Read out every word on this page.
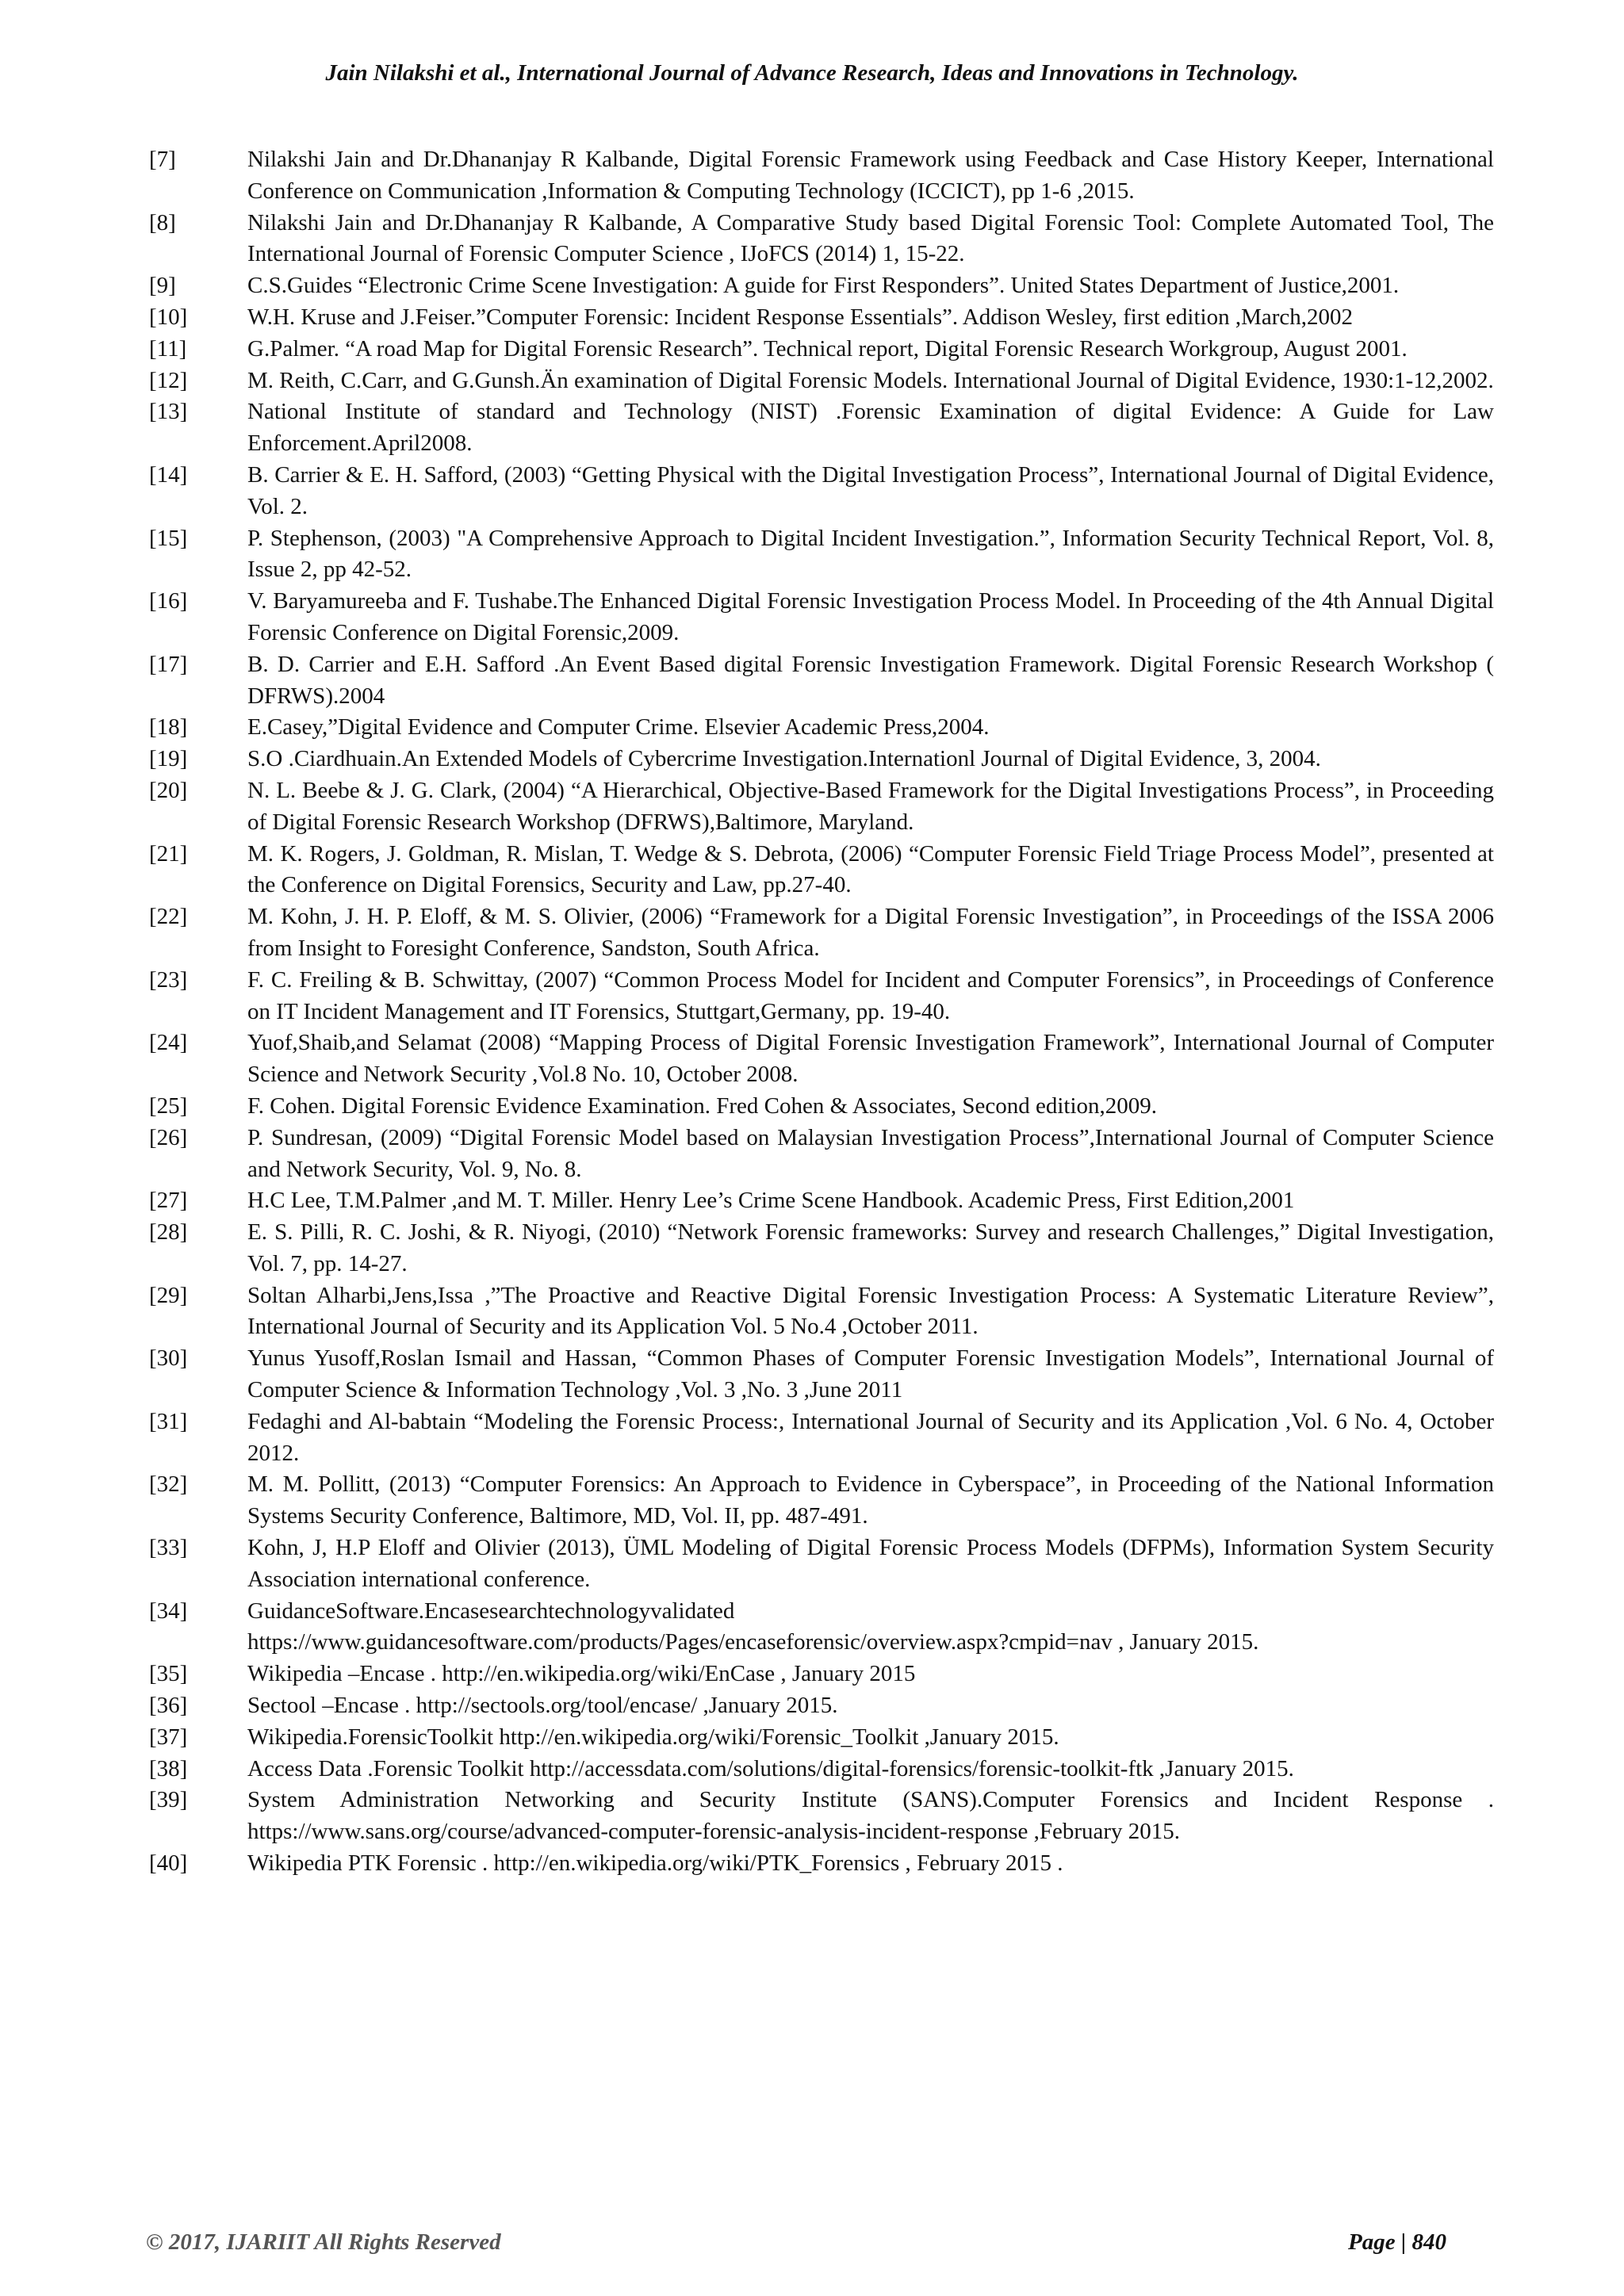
Jain Nilakshi et al., International Journal of Advance Research, Ideas and Innovations in Technology.
[7]	Nilakshi Jain and Dr.Dhananjay R Kalbande, Digital Forensic Framework using Feedback and Case History Keeper, International Conference on Communication ,Information & Computing Technology (ICCICT), pp 1-6 ,2015.
[8]	Nilakshi Jain and Dr.Dhananjay R Kalbande, A Comparative Study based Digital Forensic Tool: Complete Automated Tool, The International Journal of Forensic Computer Science , IJoFCS (2014) 1, 15-22.
[9]	C.S.Guides “Electronic Crime Scene Investigation: A guide for First Responders”. United States Department of Justice,2001.
[10]	W.H. Kruse and J.Feiser.”Computer Forensic: Incident Response Essentials”. Addison Wesley, first edition ,March,2002
[11]	G.Palmer. “A road Map for Digital Forensic Research”. Technical report, Digital Forensic Research Workgroup, August 2001.
[12]	M. Reith, C.Carr, and G.Gunsh.Än examination of Digital Forensic Models. International Journal of Digital Evidence, 1930:1-12,2002.
[13]	National Institute of standard and Technology (NIST) .Forensic Examination of digital Evidence: A Guide for Law Enforcement.April2008.
[14]	B. Carrier & E. H. Safford, (2003) “Getting Physical with the Digital Investigation Process”, International Journal of Digital Evidence, Vol. 2.
[15]	P. Stephenson, (2003) "A Comprehensive Approach to Digital Incident Investigation.”, Information Security Technical Report, Vol. 8, Issue 2, pp 42-52.
[16]	V. Baryamureeba and F. Tushabe.The Enhanced Digital Forensic Investigation Process Model. In Proceeding of the 4th Annual Digital Forensic Conference on Digital Forensic,2009.
[17]	B. D. Carrier and E.H. Safford .An Event Based digital Forensic Investigation Framework. Digital Forensic Research Workshop ( DFRWS).2004
[18]	E.Casey,”Digital Evidence and Computer Crime. Elsevier Academic Press,2004.
[19]	S.O .Ciardhuain.An Extended Models of Cybercrime Investigation.Internationl Journal of Digital Evidence, 3, 2004.
[20]	N. L. Beebe & J. G. Clark, (2004) “A Hierarchical, Objective-Based Framework for the Digital Investigations Process”, in Proceeding of Digital Forensic Research Workshop (DFRWS),Baltimore, Maryland.
[21]	M. K. Rogers, J. Goldman, R. Mislan, T. Wedge & S. Debrota, (2006) “Computer Forensic Field Triage Process Model”, presented at the Conference on Digital Forensics, Security and Law, pp.27-40.
[22]	M. Kohn, J. H. P. Eloff, & M. S. Olivier, (2006) “Framework for a Digital Forensic Investigation”, in Proceedings of the ISSA 2006 from Insight to Foresight Conference, Sandston, South Africa.
[23]	F. C. Freiling & B. Schwittay, (2007) “Common Process Model for Incident and Computer Forensics”, in Proceedings of Conference on IT Incident Management and IT Forensics, Stuttgart,Germany, pp. 19-40.
[24]	Yuof,Shaib,and Selamat (2008) “Mapping Process of Digital Forensic Investigation Framework”, International Journal of Computer Science and Network Security ,Vol.8 No. 10, October 2008.
[25]	F. Cohen. Digital Forensic Evidence Examination. Fred Cohen & Associates, Second edition,2009.
[26]	P. Sundresan, (2009) “Digital Forensic Model based on Malaysian Investigation Process”,International Journal of Computer Science and Network Security, Vol. 9, No. 8.
[27]	H.C Lee, T.M.Palmer ,and M. T. Miller. Henry Lee’s Crime Scene Handbook. Academic Press, First Edition,2001
[28]	E. S. Pilli, R. C. Joshi, & R. Niyogi, (2010) “Network Forensic frameworks: Survey and research Challenges,” Digital Investigation, Vol. 7, pp. 14-27.
[29]	Soltan Alharbi,Jens,Issa ,”The Proactive and Reactive Digital Forensic Investigation Process: A Systematic Literature Review”, International Journal of Security and its Application Vol. 5 No.4 ,October 2011.
[30]	Yunus Yusoff,Roslan Ismail and Hassan, “Common Phases of Computer Forensic Investigation Models”, International Journal of Computer Science & Information Technology ,Vol. 3 ,No. 3 ,June 2011
[31]	Fedaghi and Al-babtain “Modeling the Forensic Process:, International Journal of Security and its Application ,Vol. 6 No. 4, October 2012.
[32]	M. M. Pollitt, (2013) “Computer Forensics: An Approach to Evidence in Cyberspace”, in Proceeding of the National Information Systems Security Conference, Baltimore, MD, Vol. II, pp. 487-491.
[33]	Kohn, J, H.P Eloff and Olivier (2013), ÜML Modeling of Digital Forensic Process Models (DFPMs), Information System Security Association international conference.
[34]	GuidanceSoftware.Encasesearchtechnologyvalidated https://www.guidancesoftware.com/products/Pages/encaseforensic/overview.aspx?cmpid=nav , January 2015.
[35]	Wikipedia –Encase . http://en.wikipedia.org/wiki/EnCase , January 2015
[36]	Sectool –Encase . http://sectools.org/tool/encase/ ,January 2015.
[37]	Wikipedia.ForensicToolkit http://en.wikipedia.org/wiki/Forensic_Toolkit ,January 2015.
[38]	Access Data .Forensic Toolkit http://accessdata.com/solutions/digital-forensics/forensic-toolkit-ftk ,January 2015.
[39]	System Administration Networking and Security Institute (SANS).Computer Forensics and Incident Response . https://www.sans.org/course/advanced-computer-forensic-analysis-incident-response ,February 2015.
[40]	Wikipedia PTK Forensic . http://en.wikipedia.org/wiki/PTK_Forensics , February 2015 .
© 2017, IJARIIT All Rights Reserved	Page | 840
